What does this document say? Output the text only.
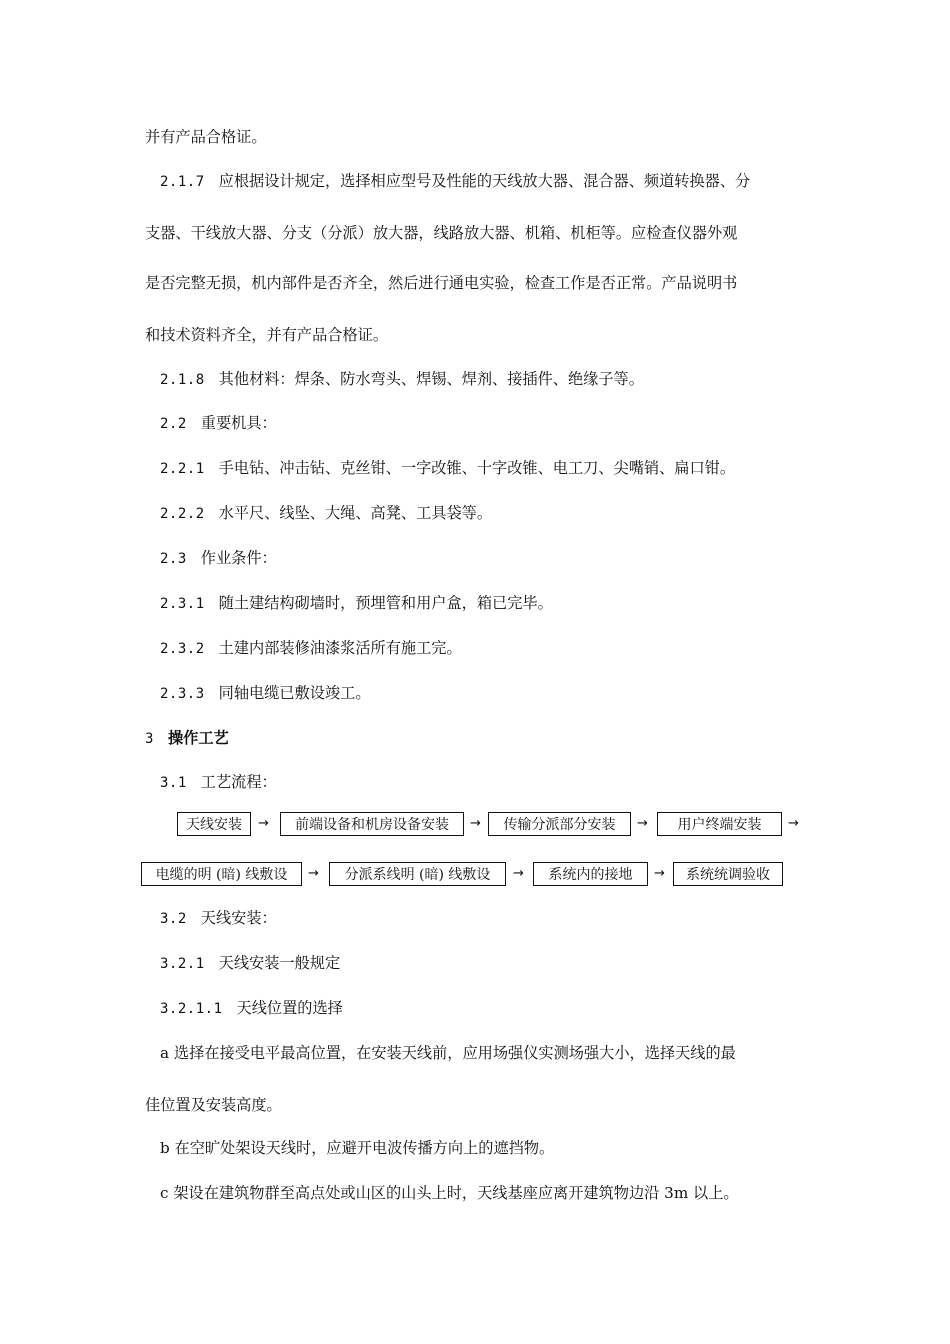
并有产品合格证。
2.1.7 应根据设计规定，选择相应型号及性能的天线放大器、混合器、频道转换器、分
支器、干线放大器、分支（分派）放大器，线路放大器、机箱、机柜等。应检查仪器外观
是否完整无损，机内部件是否齐全，然后进行通电实验，检查工作是否正常。产品说明书
和技术资料齐全，并有产品合格证。
2.1.8 其他材料：焊条、防水弯头、焊锡、焊剂、接插件、绝缘子等。
2.2 重要机具：
2.2.1 手电钻、冲击钻、克丝钳、一字改锥、十字改锥、电工刀、尖嘴销、扁口钳。
2.2.2 水平尺、线坠、大绳、高凳、工具袋等。
2.3 作业条件：
2.3.1 随土建结构砌墙时，预埋管和用户盒，箱已完毕。
2.3.2 土建内部装修油漆浆活所有施工完。
2.3.3 同轴电缆已敷设竣工。
3 操作工艺
3.1 工艺流程：
天线安装	→	前端设备和机房设备安装	→	传输分派部分安装	→	用户终端安装	→
电缆的明 (暗) 线敷设	→	分派系线明 (暗) 线敷设	→	系统内的接地	→	系统统调验收
3.2 天线安装：
3.2.1 天线安装一般规定
3.2.1.1 天线位置的选择
a 选择在接受电平最高位置，在安装天线前，应用场强仪实测场强大小，选择天线的最
佳位置及安装高度。
b 在空旷处架设天线时，应避开电波传播方向上的遮挡物。
c 架设在建筑物群至高点处或山区的山头上时，天线基座应离开建筑物边沿 3m 以上。
